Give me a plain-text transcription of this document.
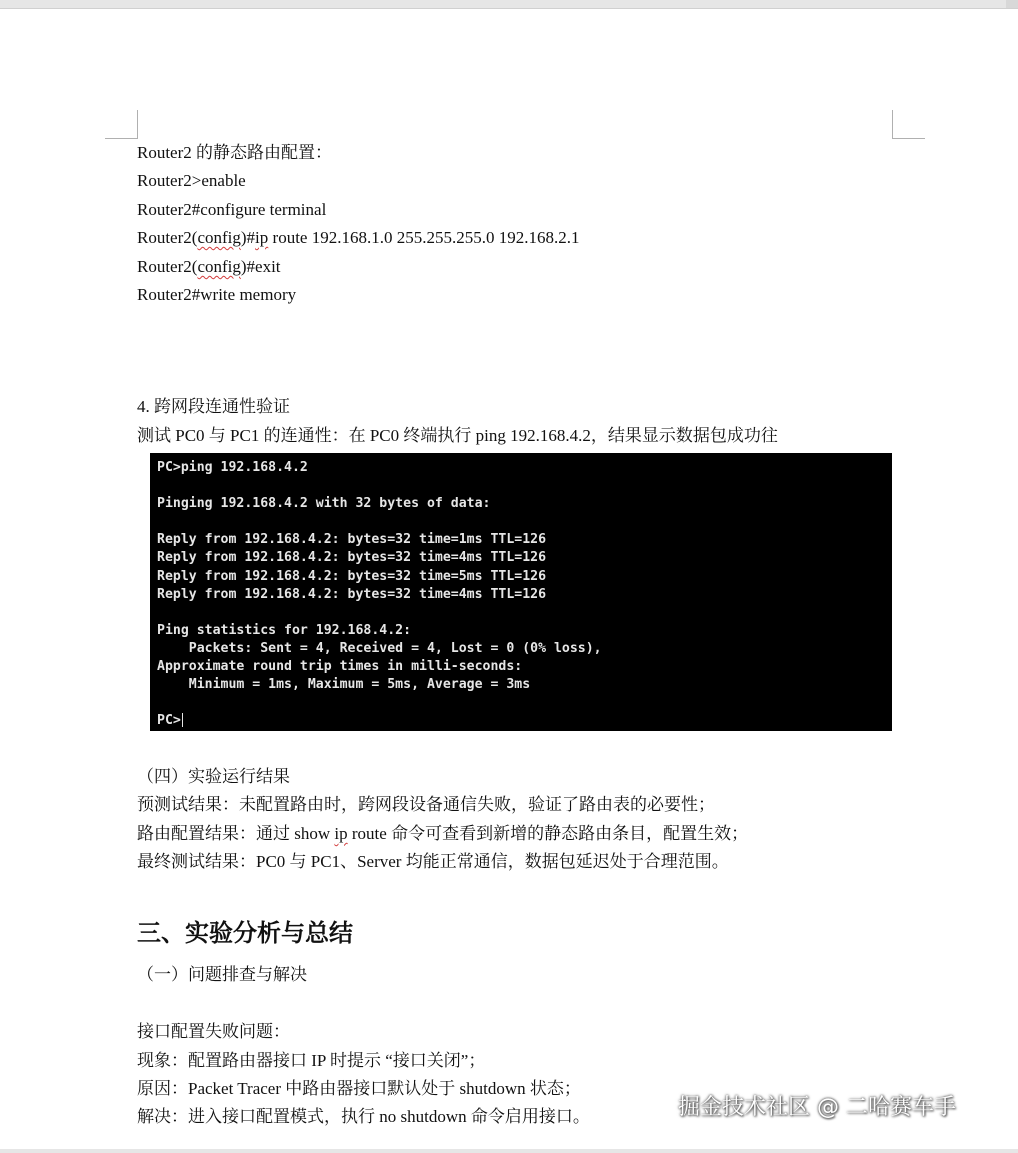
Router2 的静态路由配置：
Router2>enable
Router2#configure terminal
Router2(config)#ip route 192.168.1.0 255.255.255.0 192.168.2.1
Router2(config)#exit
Router2#write memory
4. 跨网段连通性验证
测试 PC0 与 PC1 的连通性：在 PC0 终端执行 ping 192.168.4.2，结果显示数据包成功往
PC>ping 192.168.4.2
Pinging 192.168.4.2 with 32 bytes of data:
Reply from 192.168.4.2: bytes=32 time=1ms TTL=126
Reply from 192.168.4.2: bytes=32 time=4ms TTL=126
Reply from 192.168.4.2: bytes=32 time=5ms TTL=126
Reply from 192.168.4.2: bytes=32 time=4ms TTL=126
Ping statistics for 192.168.4.2:
Packets: Sent = 4, Received = 4, Lost = 0 (0% loss),
Approximate round trip times in milli-seconds:
Minimum = 1ms, Maximum = 5ms, Average = 3ms
PC>
（四）实验运行结果
预测试结果：未配置路由时，跨网段设备通信失败，验证了路由表的必要性；
路由配置结果：通过 show ip route 命令可查看到新增的静态路由条目，配置生效；
最终测试结果：PC0 与 PC1、Server 均能正常通信，数据包延迟处于合理范围。
三、实验分析与总结
（一）问题排查与解决
接口配置失败问题：
现象：配置路由器接口 IP 时提示 “接口关闭”；
原因：Packet Tracer 中路由器接口默认处于 shutdown 状态；
解决：进入接口配置模式，执行 no shutdown 命令启用接口。	掘金技术社区 @ 二哈赛车手
